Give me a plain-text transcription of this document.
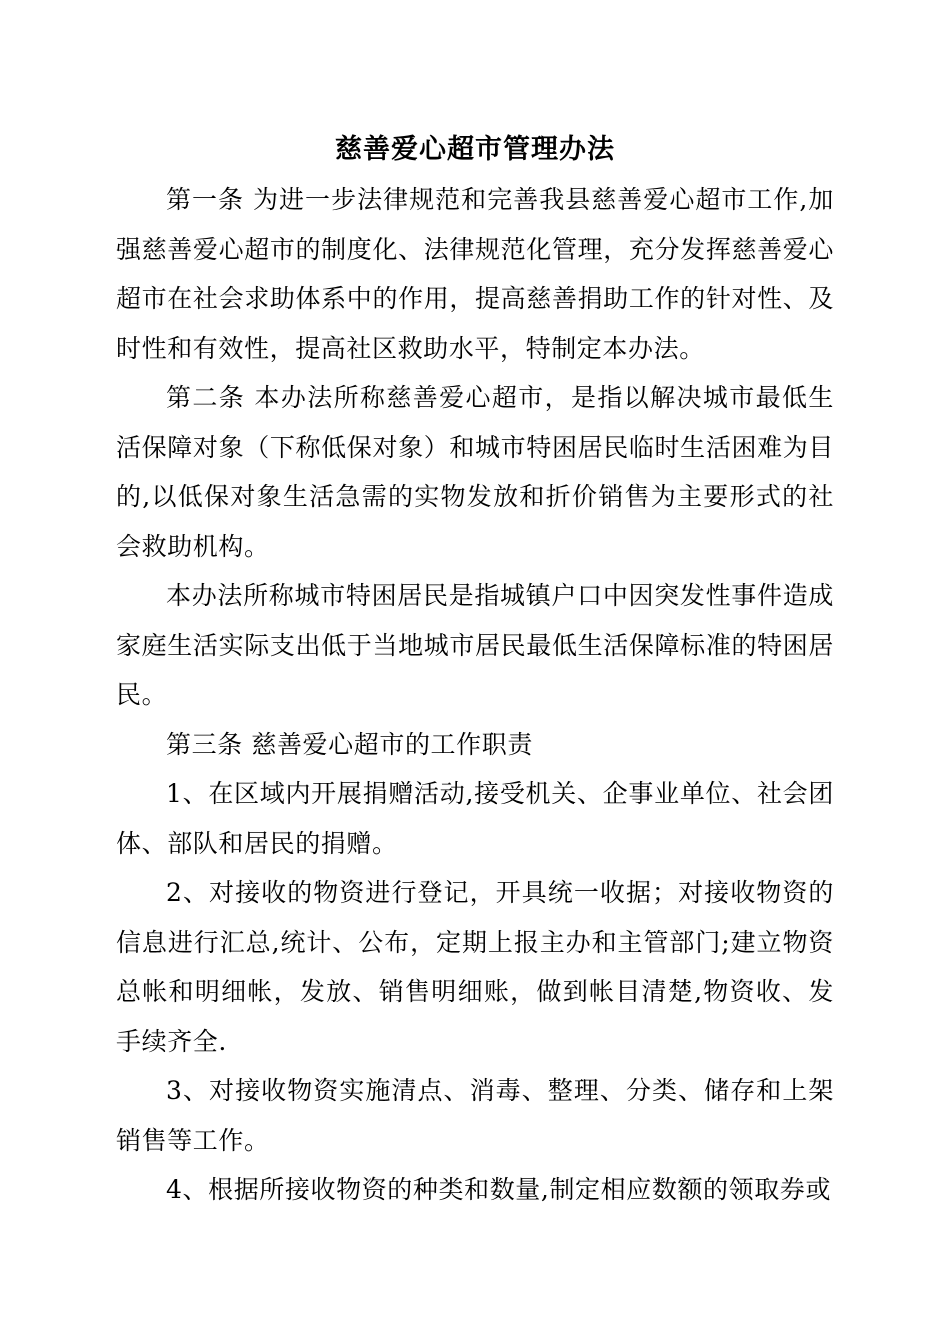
慈善爱心超市管理办法

第一条 为进一步法律规范和完善我县慈善爱心超市工作,加强慈善爱心超市的制度化、法律规范化管理，充分发挥慈善爱心超市在社会求助体系中的作用，提高慈善捐助工作的针对性、及时性和有效性，提高社区救助水平，特制定本办法。

第二条 本办法所称慈善爱心超市，是指以解决城市最低生活保障对象（下称低保对象）和城市特困居民临时生活困难为目的,以低保对象生活急需的实物发放和折价销售为主要形式的社会救助机构。

本办法所称城市特困居民是指城镇户口中因突发性事件造成家庭生活实际支出低于当地城市居民最低生活保障标准的特困居民。

第三条 慈善爱心超市的工作职责

1、在区域内开展捐赠活动,接受机关、企事业单位、社会团体、部队和居民的捐赠。

2、对接收的物资进行登记，开具统一收据；对接收物资的信息进行汇总,统计、公布，定期上报主办和主管部门;建立物资总帐和明细帐，发放、销售明细账，做到帐目清楚,物资收、发手续齐全.

3、对接收物资实施清点、消毒、整理、分类、储存和上架销售等工作。

4、根据所接收物资的种类和数量,制定相应数额的领取券或
